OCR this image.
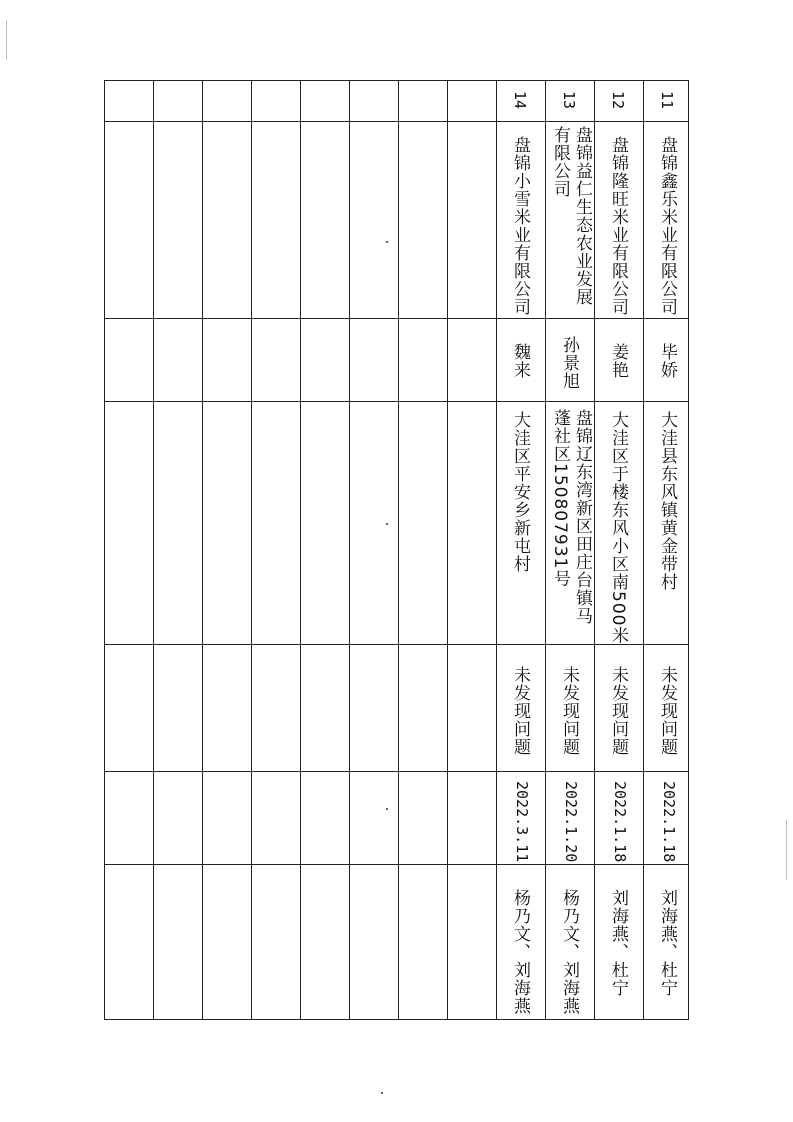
11
盘锦鑫乐米业有限公司
毕娇
大洼县东风镇黄金带村
未发现问题
2022.1.18
刘海燕、杜宁
12
盘锦隆旺米业有限公司
姜艳
大洼区于楼东风小区南500米
未发现问题
2022.1.18
刘海燕、杜宁
13
盘锦益仁生态农业发展有限公司
孙景旭
盘锦辽东湾新区田庄台镇马蓬社区150807931号
未发现问题
2022.1.20
杨乃文、刘海燕
14
盘锦小雪米业有限公司
魏来
大洼区平安乡新屯村
未发现问题
2022.3.11
杨乃文、刘海燕
